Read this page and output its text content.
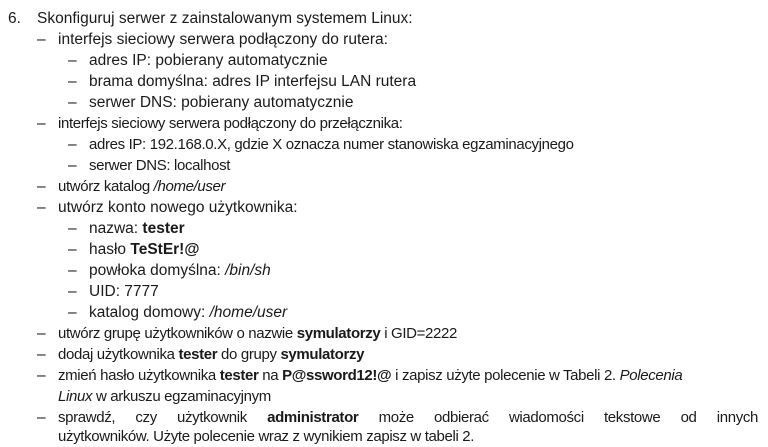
6. Skonfiguruj serwer z zainstalowanym systemem Linux:
– interfejs sieciowy serwera podłączony do rutera:
– adres IP: pobierany automatycznie
– brama domyślna: adres IP interfejsu LAN rutera
– serwer DNS: pobierany automatycznie
– interfejs sieciowy serwera podłączony do przełącznika:
– adres IP: 192.168.0.X, gdzie X oznacza numer stanowiska egzaminacyjnego
– serwer DNS: localhost
– utwórz katalog /home/user
– utwórz konto nowego użytkownika:
– nazwa: tester
– hasło TeStEr!@
– powłoka domyślna: /bin/sh
– UID: 7777
– katalog domowy: /home/user
– utwórz grupę użytkowników o nazwie symulatorzy i GID=2222
– dodaj użytkownika tester do grupy symulatorzy
– zmień hasło użytkownika tester na P@ssword12!@ i zapisz użyte polecenie w Tabeli 2. Polecenia
Linux w arkuszu egzaminacyjnym
– sprawdź, czy użytkownik administrator może odbierać wiadomości tekstowe od innych
użytkowników. Użyte polecenie wraz z wynikiem zapisz w tabeli 2.
